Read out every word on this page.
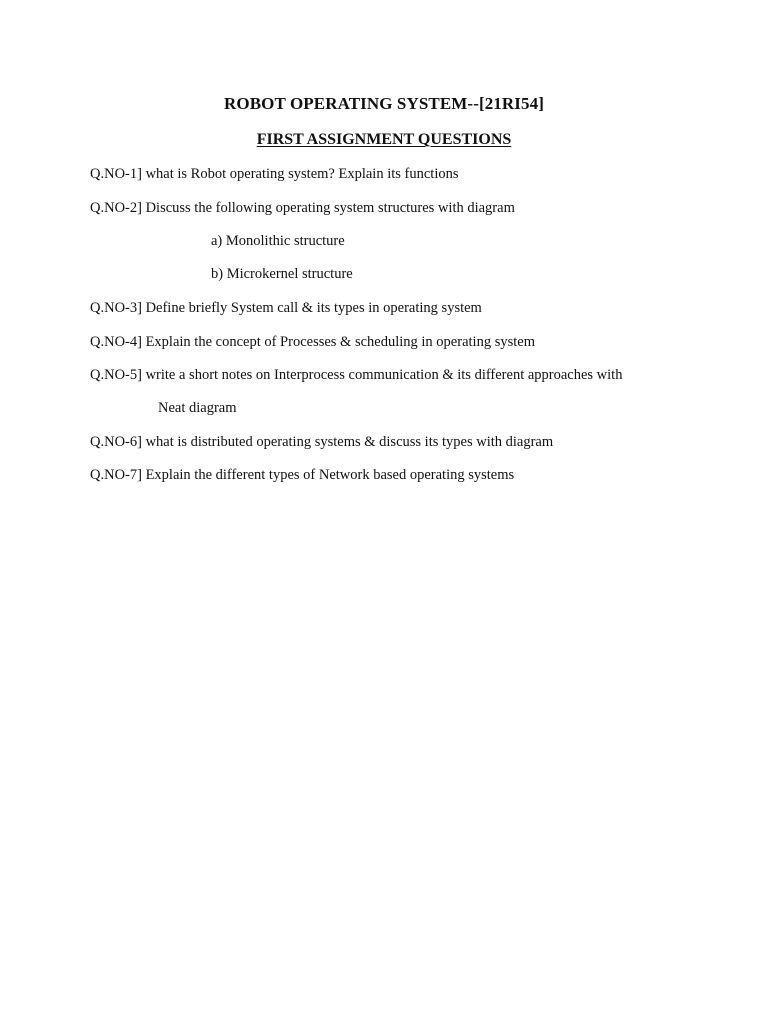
ROBOT OPERATING SYSTEM--[21RI54]
FIRST ASSIGNMENT QUESTIONS
Q.NO-1] what is Robot operating system? Explain its functions
Q.NO-2] Discuss the following operating system structures with diagram
a) Monolithic structure
b) Microkernel structure
Q.NO-3] Define briefly System call & its types in operating system
Q.NO-4] Explain the concept of Processes & scheduling in operating system
Q.NO-5] write a short notes on Interprocess communication & its different approaches with
Neat diagram
Q.NO-6] what is distributed operating systems & discuss its types with diagram
Q.NO-7] Explain the different types of Network based operating systems
